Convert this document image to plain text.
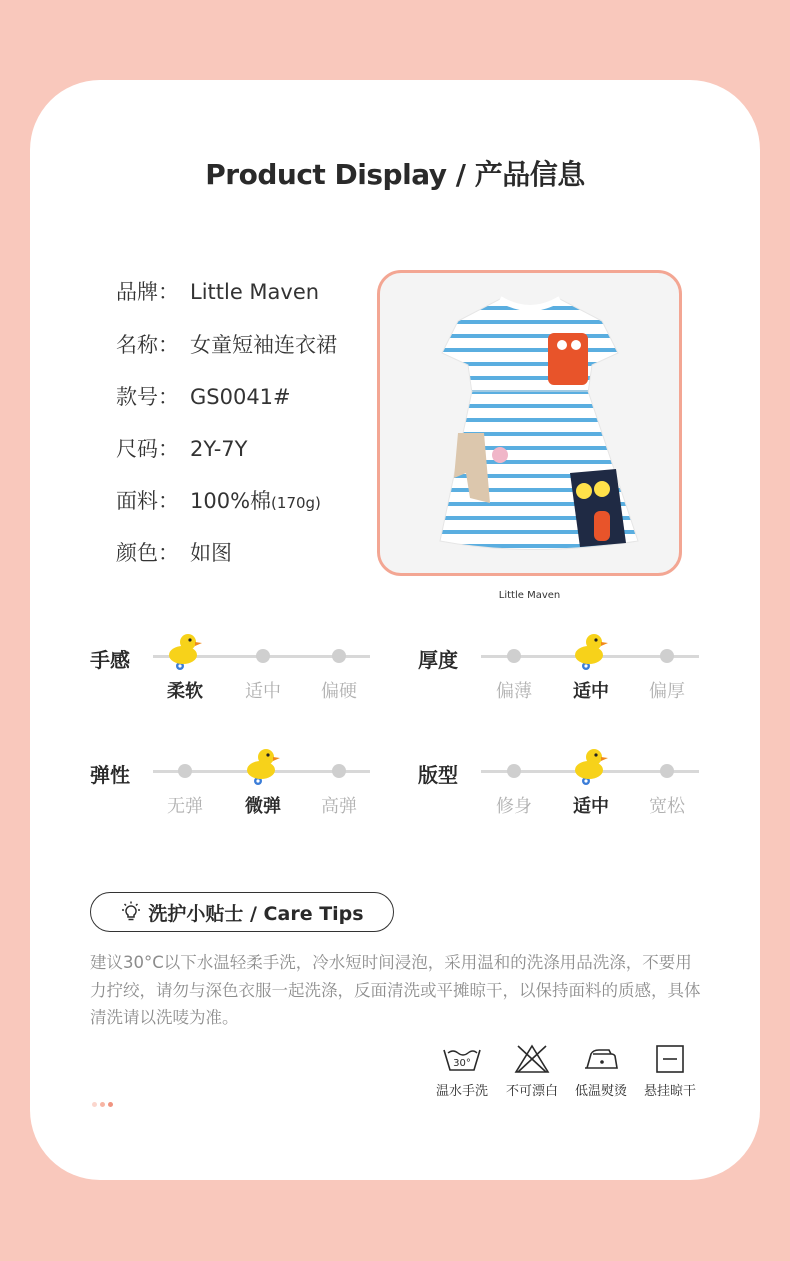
Product Display / 产品信息
品牌： Little Maven
名称： 女童短袖连衣裙
款号： GS0041#
尺码： 2Y-7Y
面料： 100%棉(170g)
颜色： 如图
Little Maven
手感
柔软	适中	偏硬
厚度
偏薄	适中	偏厚
弹性
无弹	微弹	高弹
版型
修身	适中	宽松
洗护小贴士 / Care Tips
建议30°C以下水温轻柔手洗，冷水短时间浸泡，采用温和的洗涤用品洗涤，不要用力拧绞，请勿与深色衣服一起洗涤，反面清洗或平摊晾干，以保持面料的质感，具体清洗请以洗唛为准。
30°
温水手洗	不可漂白	低温熨烫	悬挂晾干
